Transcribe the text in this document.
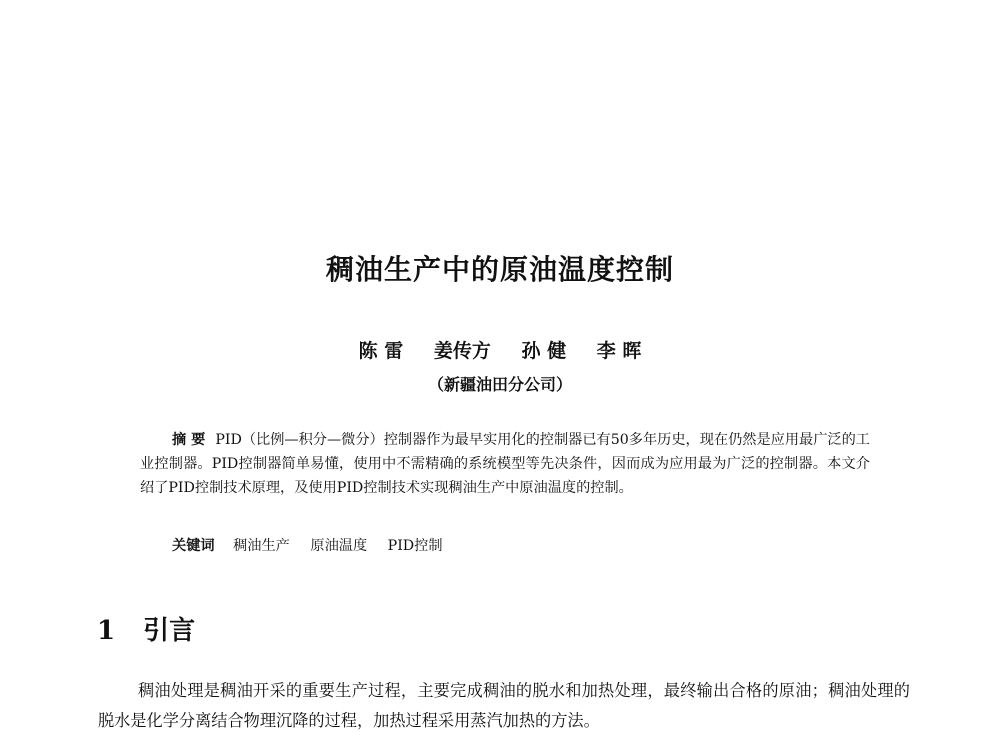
稠油生产中的原油温度控制
陈 雷 姜传方 孙 健 李 晖
（新疆油田分公司）
摘 要 PID（比例—积分—微分）控制器作为最早实用化的控制器已有50多年历史，现在仍然是应用最广泛的工业控制器。PID控制器简单易懂，使用中不需精确的系统模型等先决条件，因而成为应用最为广泛的控制器。本文介绍了PID控制技术原理，及使用PID控制技术实现稠油生产中原油温度的控制。
关键词 稠油生产 原油温度 PID控制
1 引言
稠油处理是稠油开采的重要生产过程，主要完成稠油的脱水和加热处理，最终输出合格的原油；稠油处理的脱水是化学分离结合物理沉降的过程，加热过程采用蒸汽加热的方法。
